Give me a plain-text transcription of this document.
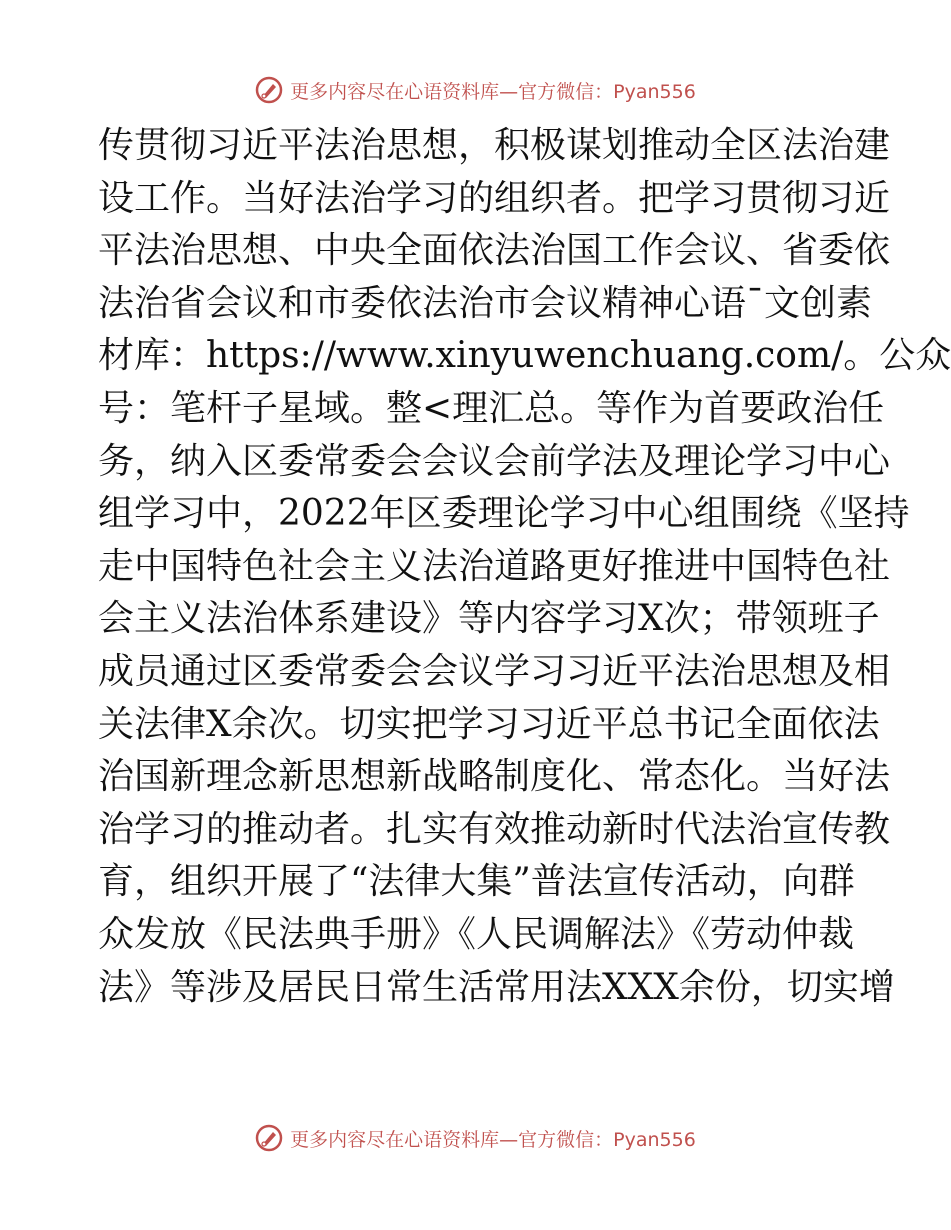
更多内容尽在心语资料库—官方微信：Pyan556
传贯彻习近平法治思想，积极谋划推动全区法治建
设工作。当好法治学习的组织者。把学习贯彻习近
平法治思想、中央全面依法治国工作会议、省委依
法治省会议和市委依法治市会议精神心语¯文创素
材库：https://www.xinyuwenchuang.com/。公众
号：笔杆子星域。整<理汇总。等作为首要政治任
务，纳入区委常委会会议会前学法及理论学习中心
组学习中，2022年区委理论学习中心组围绕《坚持
走中国特色社会主义法治道路更好推进中国特色社
会主义法治体系建设》等内容学习X次；带领班子
成员通过区委常委会会议学习习近平法治思想及相
关法律X余次。切实把学习习近平总书记全面依法
治国新理念新思想新战略制度化、常态化。当好法
治学习的推动者。扎实有效推动新时代法治宣传教
育，组织开展了“法律大集”普法宣传活动，向群
众发放《民法典手册》《人民调解法》《劳动仲裁
法》等涉及居民日常生活常用法XXX余份，切实增
更多内容尽在心语资料库—官方微信：Pyan556
